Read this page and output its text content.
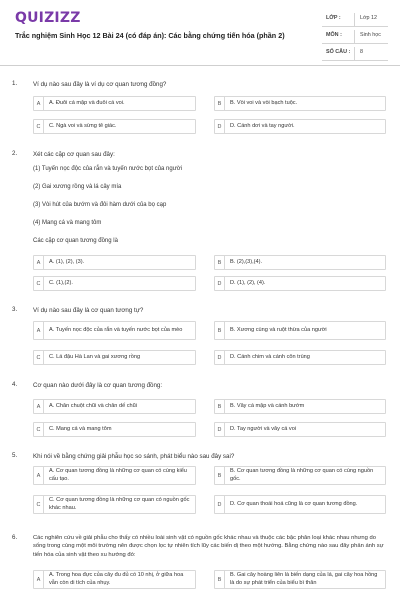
QUIZIZZ
Trắc nghiệm Sinh Học 12 Bài 24 (có đáp án): Các bằng chứng tiến hóa (phần 2)
LỚP :	Lớp 12
MÔN :	Sinh học
SỐ CÂU : 8
1.	Ví dụ nào sau đây là ví dụ cơ quan tương đồng?
A	A. Đuôi cá mập và đuôi cá voi.	B	B. Vòi voi và vòi bạch tuộc.
C	C. Ngà voi và sừng tê giác.	D	D. Cánh dơi và tay người.
2.	Xét các cặp cơ quan sau đây:
(1) Tuyến nọc độc của rắn và tuyến nước bọt của người
(2) Gai xương rồng và lá cây mía
(3) Vòi hút của bướm và đôi hàm dưới của bọ cạp
(4) Mang cá và mang tôm
Các cặp cơ quan tương đồng là
A	A. (1), (2), (3).	B	B. (2),(3),(4).
C	C. (1),(2).	D	D. (1), (2), (4).
3.	Ví dụ nào sau đây là cơ quan tương tự?
A	A. Tuyến nọc độc của rắn và tuyến nước bọt của mèo	B	B. Xương cùng và ruột thừa của người
C	C. Lá đậu Hà Lan và gai xương rồng	D	D. Cánh chim và cánh côn trùng
4.	Cơ quan nào dưới đây là cơ quan tương đồng:
A	A. Chân chuột chũi và chân dế chũi	B	B. Vây cá mập và cánh bướm
C	C. Mang cá và mang tôm	D	D. Tay người và vây cá voi
5.	Khi nói về bằng chứng giải phẫu học so sánh, phát biểu nào sau đây sai?
A
A. Cơ quan tương đồng là những cơ quan có cùng kiểu cấu tạo.	B
B. Cơ quan tương đồng là những cơ quan có cùng nguồn gốc.
C
C. Cơ quan tương đồng là những cơ quan có nguồn gốc khác nhau.	D	D. Cơ quan thoái hoá cũng là cơ quan tương đồng.
6.	Các nghiên cứu về giải phẫu cho thấy có nhiều loài sinh vật có nguồn gốc khác nhau và thuộc các bậc phân loại khác nhau nhưng do sống trong cùng một môi trường nên được chọn lọc tự nhiên tích lũy các biến dị theo một hướng. Bằng chứng nào sau đây phản ánh sự tiến hóa của sinh vật theo xu hướng đó:
A
A. Trong hoa đực của cây đu đủ có 10 nhị, ở giữa hoa vẫn còn di tích của nhụy.	B
B. Gai cây hoàng liên là biến dạng của lá, gai cây hoa hồng là do sự phát triển của biểu bì thân
